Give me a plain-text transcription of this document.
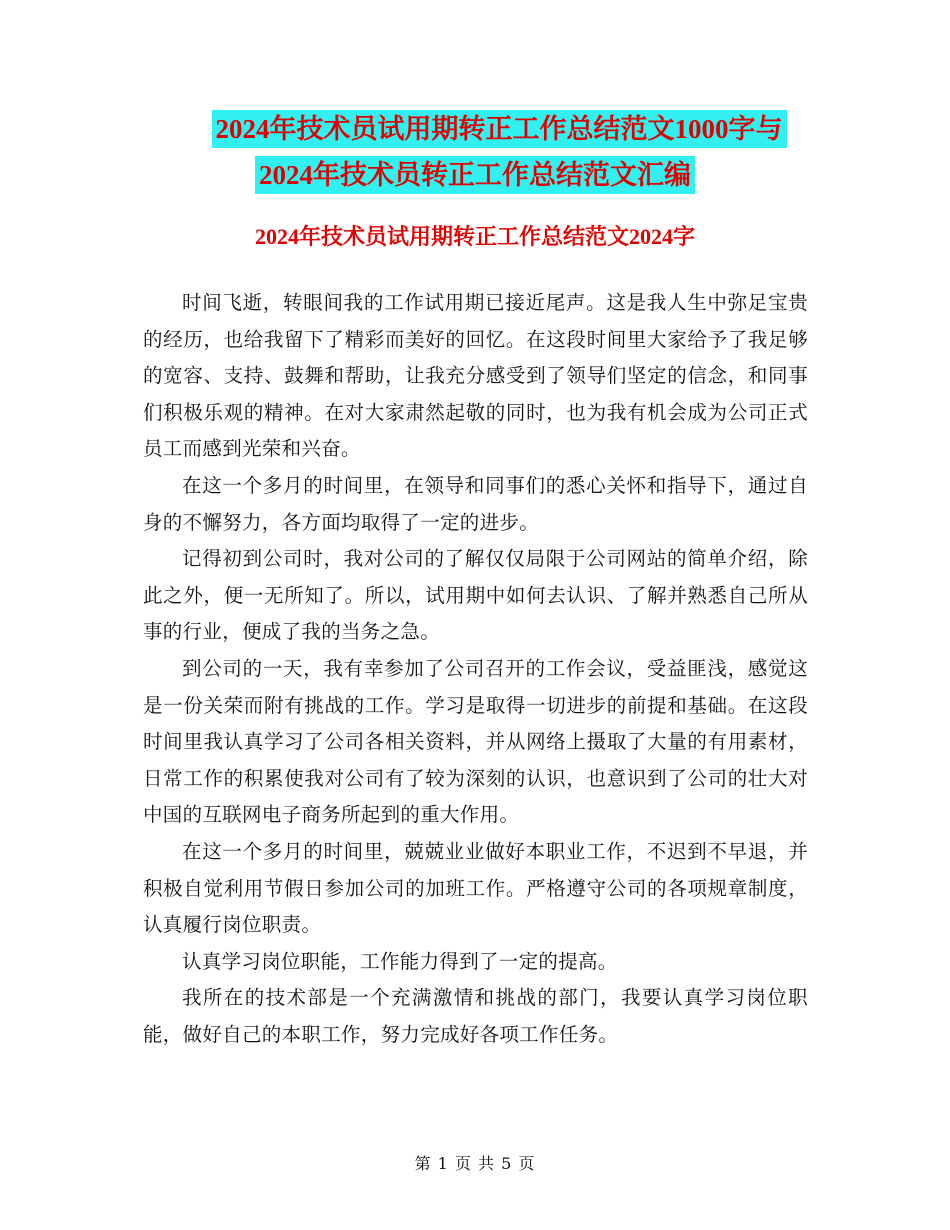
2024年技术员试用期转正工作总结范文1000字与
2024年技术员转正工作总结范文汇编
2024年技术员试用期转正工作总结范文2024字

时间飞逝，转眼间我的工作试用期已接近尾声。这是我人生中弥足宝贵的经历，也给我留下了精彩而美好的回忆。在这段时间里大家给予了我足够的宽容、支持、鼓舞和帮助，让我充分感受到了领导们坚定的信念，和同事们积极乐观的精神。在对大家肃然起敬的同时，也为我有机会成为公司正式员工而感到光荣和兴奋。

在这一个多月的时间里，在领导和同事们的悉心关怀和指导下，通过自身的不懈努力，各方面均取得了一定的进步。

记得初到公司时，我对公司的了解仅仅局限于公司网站的简单介绍，除此之外，便一无所知了。所以，试用期中如何去认识、了解并熟悉自己所从事的行业，便成了我的当务之急。

到公司的一天，我有幸参加了公司召开的工作会议，受益匪浅，感觉这是一份关荣而附有挑战的工作。学习是取得一切进步的前提和基础。在这段时间里我认真学习了公司各相关资料，并从网络上摄取了大量的有用素材，日常工作的积累使我对公司有了较为深刻的认识，也意识到了公司的壮大对中国的互联网电子商务所起到的重大作用。

在这一个多月的时间里，兢兢业业做好本职业工作，不迟到不早退，并积极自觉利用节假日参加公司的加班工作。严格遵守公司的各项规章制度，认真履行岗位职责。

认真学习岗位职能，工作能力得到了一定的提高。

我所在的技术部是一个充满激情和挑战的部门，我要认真学习岗位职能，做好自己的本职工作，努力完成好各项工作任务。

第 1 页 共 5 页
